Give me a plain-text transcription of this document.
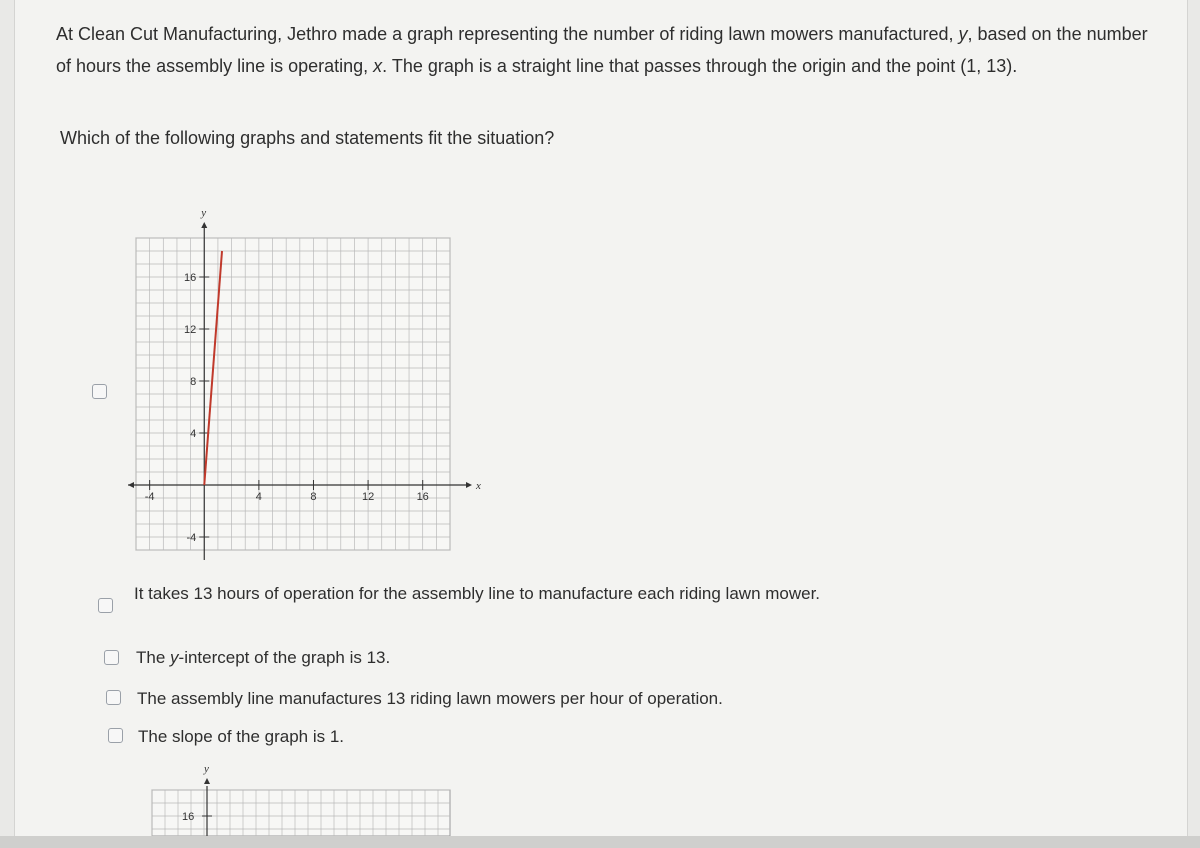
At Clean Cut Manufacturing, Jethro made a graph representing the number of riding lawn mowers manufactured, y, based on the number of hours the assembly line is operating, x. The graph is a straight line that passes through the origin and the point (1, 13).
Which of the following graphs and statements fit the situation?
-4	4	8	12	16
16
12
8
4
-4
x
y
It takes 13 hours of operation for the assembly line to manufacture each riding lawn mower.
The y-intercept of the graph is 13.
The assembly line manufactures 13 riding lawn mowers per hour of operation.
The slope of the graph is 1.
y
16
